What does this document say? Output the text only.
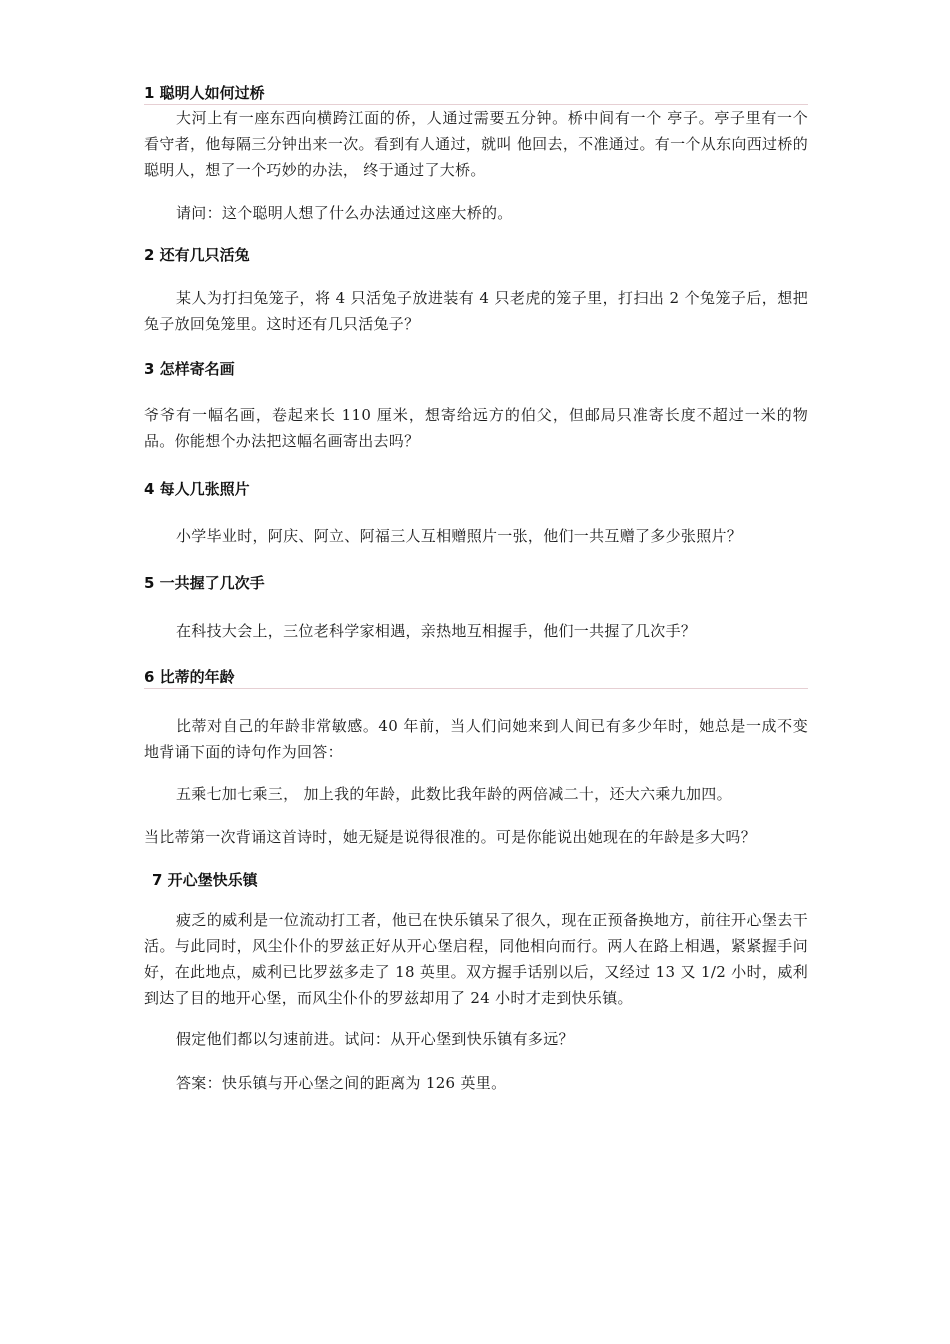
1 聪明人如何过桥

大河上有一座东西向横跨江面的侨，人通过需要五分钟。桥中间有一个 亭子。亭子里有一个看守者，他每隔三分钟出来一次。看到有人通过，就叫 他回去，不准通过。有一个从东向西过桥的聪明人，想了一个巧妙的办法， 终于通过了大桥。

请问：这个聪明人想了什么办法通过这座大桥的。

2 还有几只活兔

某人为打扫兔笼子，将 4 只活兔子放进装有 4 只老虎的笼子里，打扫出 2 个兔笼子后，想把兔子放回兔笼里。这时还有几只活兔子？

3 怎样寄名画

爷爷有一幅名画，卷起来长 110 厘米，想寄给远方的伯父，但邮局只准寄长度不超过一米的物品。你能想个办法把这幅名画寄出去吗？

4 每人几张照片

小学毕业时，阿庆、阿立、阿福三人互相赠照片一张，他们一共互赠了多少张照片？

5 一共握了几次手

在科技大会上，三位老科学家相遇，亲热地互相握手，他们一共握了几次手？

6 比蒂的年龄

比蒂对自己的年龄非常敏感。40 年前，当人们问她来到人间已有多少年时，她总是一成不变地背诵下面的诗句作为回答：

五乘七加七乘三， 加上我的年龄，此数比我年龄的两倍减二十，还大六乘九加四。

当比蒂第一次背诵这首诗时，她无疑是说得很准的。可是你能说出她现在的年龄是多大吗？

7 开心堡快乐镇

疲乏的威利是一位流动打工者，他已在快乐镇呆了很久，现在正预备换地方，前往开心堡去干活。与此同时，风尘仆仆的罗兹正好从开心堡启程，同他相向而行。两人在路上相遇，紧紧握手问好，在此地点，威利已比罗兹多走了 18 英里。双方握手话别以后，又经过 13 又 1/2 小时，威利到达了目的地开心堡，而风尘仆仆的罗兹却用了 24 小时才走到快乐镇。

假定他们都以匀速前进。试问：从开心堡到快乐镇有多远？

答案：快乐镇与开心堡之间的距离为 126 英里。
